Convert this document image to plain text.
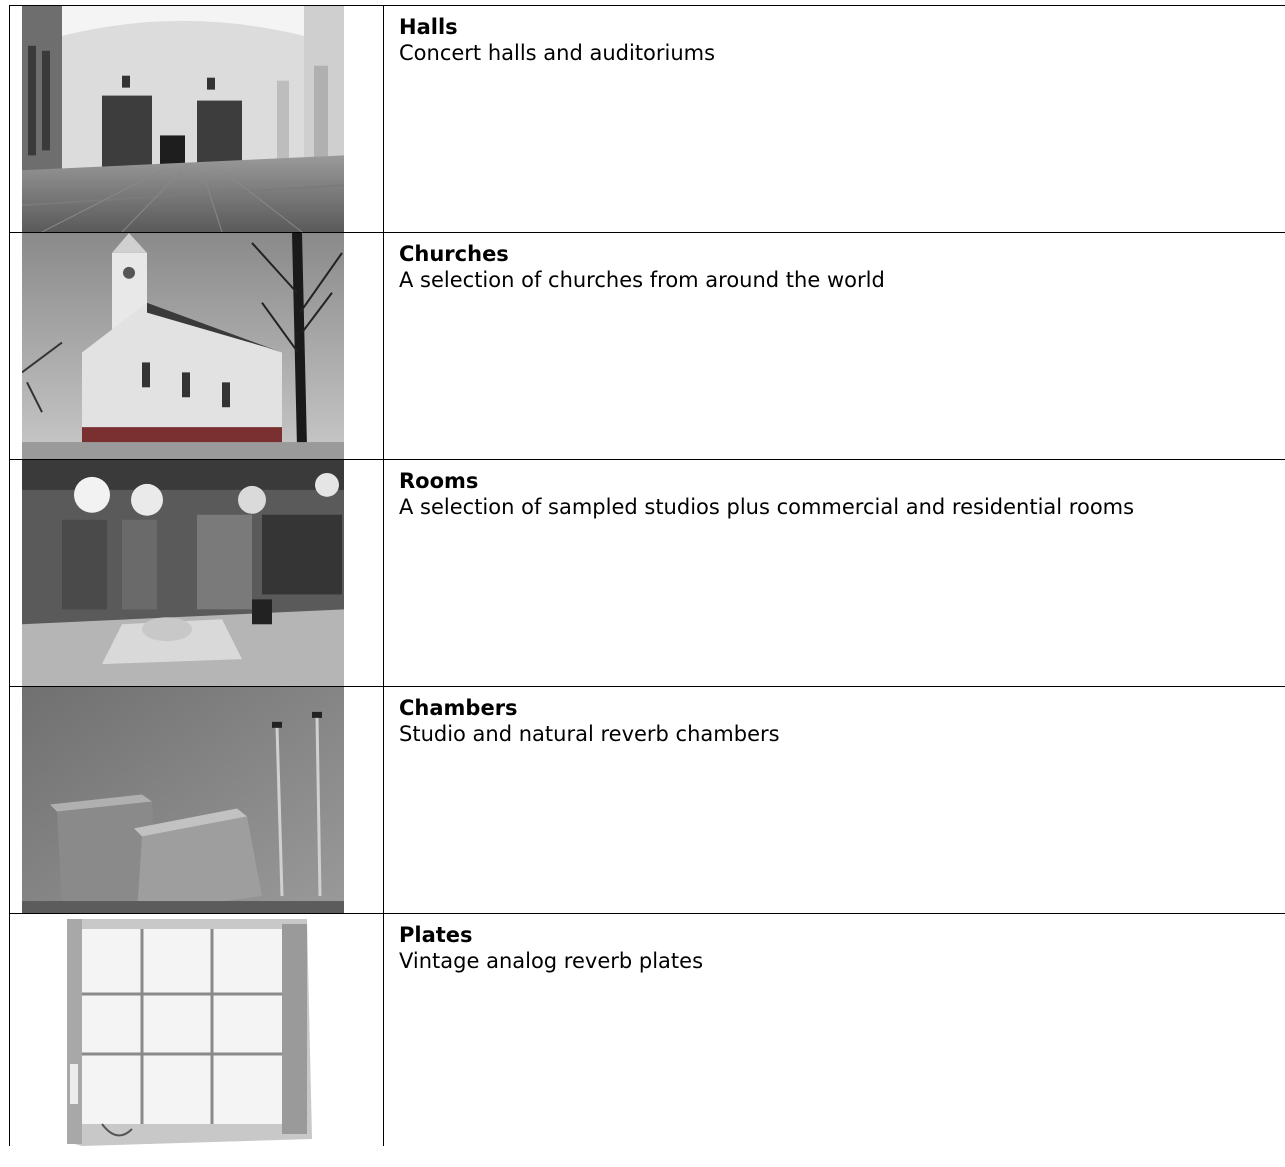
Halls
Concert halls and auditoriums
Churches
A selection of churches from around the world
Rooms
A selection of sampled studios plus commercial and residential rooms
Chambers
Studio and natural reverb chambers
Plates
Vintage analog reverb plates
